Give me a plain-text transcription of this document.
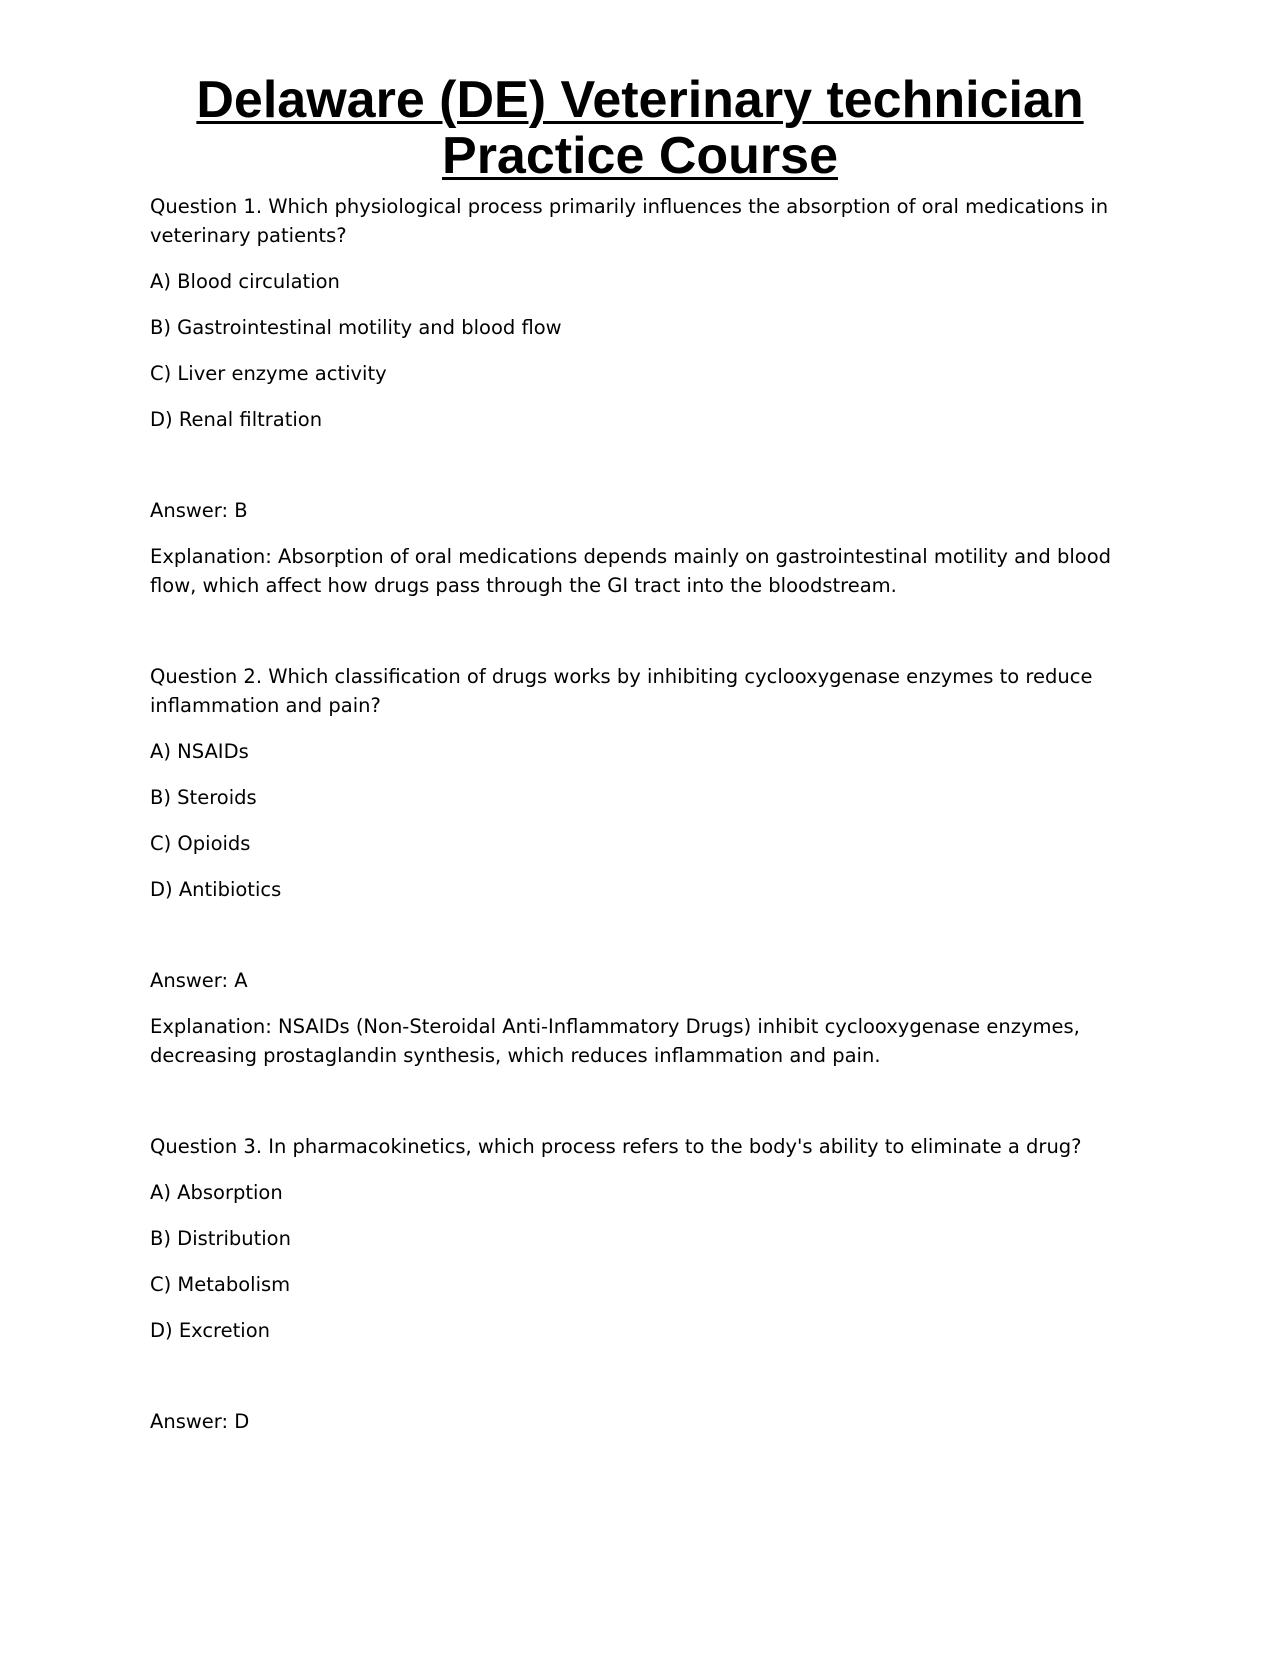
Delaware (DE) Veterinary technician
Practice Course

Question 1. Which physiological process primarily influences the absorption of oral medications in veterinary patients?

A) Blood circulation

B) Gastrointestinal motility and blood flow

C) Liver enzyme activity

D) Renal filtration

Answer: B

Explanation: Absorption of oral medications depends mainly on gastrointestinal motility and blood flow, which affect how drugs pass through the GI tract into the bloodstream.

Question 2. Which classification of drugs works by inhibiting cyclooxygenase enzymes to reduce inflammation and pain?

A) NSAIDs

B) Steroids

C) Opioids

D) Antibiotics

Answer: A

Explanation: NSAIDs (Non-Steroidal Anti-Inflammatory Drugs) inhibit cyclooxygenase enzymes, decreasing prostaglandin synthesis, which reduces inflammation and pain.

Question 3. In pharmacokinetics, which process refers to the body's ability to eliminate a drug?

A) Absorption

B) Distribution

C) Metabolism

D) Excretion

Answer: D
